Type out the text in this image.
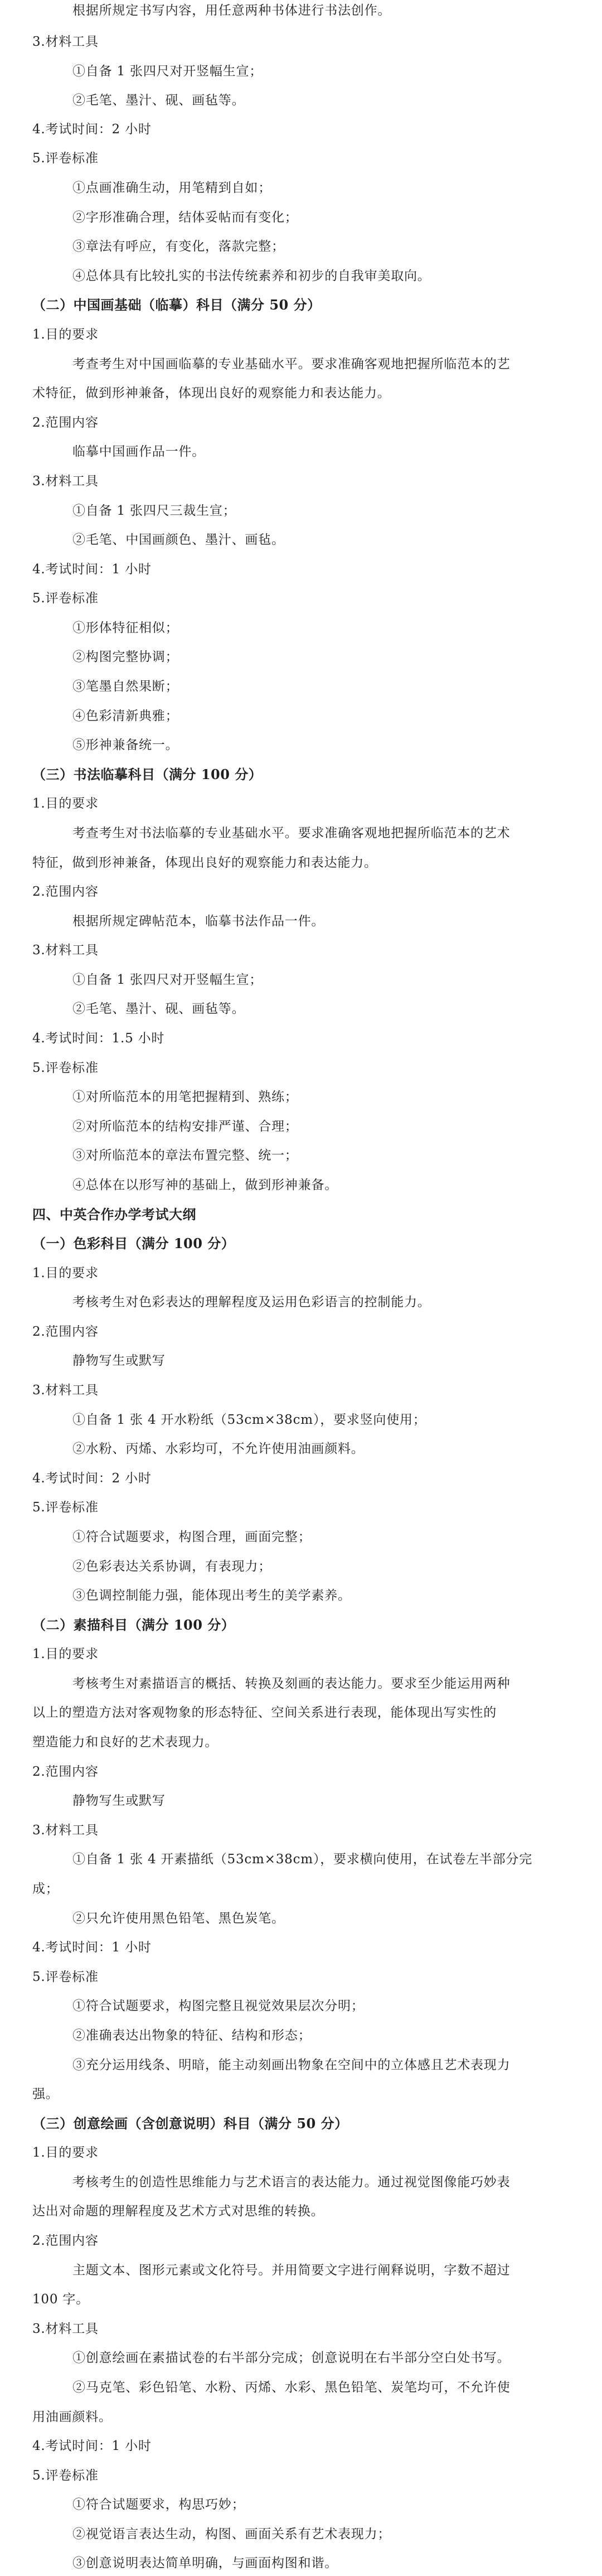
根据所规定书写内容，用任意两种书体进行书法创作。
3.材料工具
①自备 1 张四尺对开竖幅生宣；
②毛笔、墨汁、砚、画毡等。
4.考试时间：2 小时
5.评卷标准
①点画准确生动，用笔精到自如；
②字形准确合理，结体妥帖而有变化；
③章法有呼应，有变化，落款完整；
④总体具有比较扎实的书法传统素养和初步的自我审美取向。
（二）中国画基础（临摹）科目（满分 50 分）
1.目的要求
考查考生对中国画临摹的专业基础水平。要求准确客观地把握所临范本的艺
术特征，做到形神兼备，体现出良好的观察能力和表达能力。
2.范围内容
临摹中国画作品一件。
3.材料工具
①自备 1 张四尺三裁生宣；
②毛笔、中国画颜色、墨汁、画毡。
4.考试时间：1 小时
5.评卷标准
①形体特征相似；
②构图完整协调；
③笔墨自然果断；
④色彩清新典雅；
⑤形神兼备统一。
（三）书法临摹科目（满分 100 分）
1.目的要求
考查考生对书法临摹的专业基础水平。要求准确客观地把握所临范本的艺术
特征，做到形神兼备，体现出良好的观察能力和表达能力。
2.范围内容
根据所规定碑帖范本，临摹书法作品一件。
3.材料工具
①自备 1 张四尺对开竖幅生宣；
②毛笔、墨汁、砚、画毡等。
4.考试时间：1.5 小时
5.评卷标准
①对所临范本的用笔把握精到、熟练；
②对所临范本的结构安排严谨、合理；
③对所临范本的章法布置完整、统一；
④总体在以形写神的基础上，做到形神兼备。
四、中英合作办学考试大纲
（一）色彩科目（满分 100 分）
1.目的要求
考核考生对色彩表达的理解程度及运用色彩语言的控制能力。
2.范围内容
静物写生或默写
3.材料工具
①自备 1 张 4 开水粉纸（53cm×38cm），要求竖向使用；
②水粉、丙烯、水彩均可，不允许使用油画颜料。
4.考试时间：2 小时
5.评卷标准
①符合试题要求，构图合理，画面完整；
②色彩表达关系协调，有表现力；
③色调控制能力强，能体现出考生的美学素养。
（二）素描科目（满分 100 分）
1.目的要求
考核考生对素描语言的概括、转换及刻画的表达能力。要求至少能运用两种
以上的塑造方法对客观物象的形态特征、空间关系进行表现，能体现出写实性的
塑造能力和良好的艺术表现力。
2.范围内容
静物写生或默写
3.材料工具
①自备 1 张 4 开素描纸（53cm×38cm），要求横向使用，在试卷左半部分完
成；
②只允许使用黑色铅笔、黑色炭笔。
4.考试时间：1 小时
5.评卷标准
①符合试题要求，构图完整且视觉效果层次分明；
②准确表达出物象的特征、结构和形态；
③充分运用线条、明暗，能主动刻画出物象在空间中的立体感且艺术表现力
强。
（三）创意绘画（含创意说明）科目（满分 50 分）
1.目的要求
考核考生的创造性思维能力与艺术语言的表达能力。通过视觉图像能巧妙表
达出对命题的理解程度及艺术方式对思维的转换。
2.范围内容
主题文本、图形元素或文化符号。并用简要文字进行阐释说明，字数不超过
100 字。
3.材料工具
①创意绘画在素描试卷的右半部分完成；创意说明在右半部分空白处书写。
②马克笔、彩色铅笔、水粉、丙烯、水彩、黑色铅笔、炭笔均可，不允许使
用油画颜料。
4.考试时间：1 小时
5.评卷标准
①符合试题要求，构思巧妙；
②视觉语言表达生动，构图、画面关系有艺术表现力；
③创意说明表达简单明确，与画面构图和谐。
